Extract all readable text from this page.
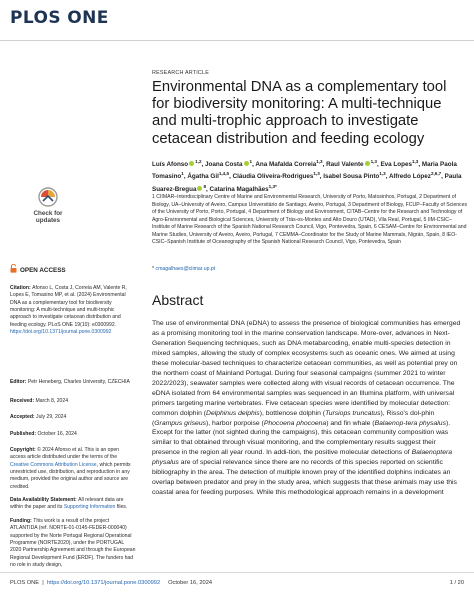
PLOS ONE
RESEARCH ARTICLE
Environmental DNA as a complementary tool for biodiversity monitoring: A multi-technique and multi-trophic approach to investigate cetacean distribution and feeding ecology
Luís Afonso $^{1,2}$, Joana Costa $^1$, Ana Mafalda Correia$^{1,3}$, Raul Valente $^{1,3}$, Eva Lopes$^{1,3}$, Maria Paola Tomasino$^1$, Ágatha Gil$^{1,4,5}$, Cláudia Oliveira-Rodrigues$^{1,3}$, Isabel Sousa Pinto$^{1,3}$, Alfredo López$^{2,6,7}$, Paula Suarez-Bregua $^8$, Catarina Magalhães$^{1,3*}$
1 CIIMAR–Interdisciplinary Centre of Marine and Environmental Research, University of Porto, Matosinhos, Portugal, 2 Department of Biology, UA–University of Aveiro, Campus Universitário de Santiago, Aveiro, Portugal, 3 Department of Biology, FCUP–Faculty of Sciences of the University of Porto, Porto, Portugal, 4 Department of Biology and Environment, CITAB–Centre for the Research and Technology of Agro-Environmental and Biological Sciences, University of Trás-os-Montes and Alto Douro (UTAD), Vila Real, Portugal, 5 IIM-CSIC–Institute of Marine Research of the Spanish National Research Council, Vigo, Pontevedra, Spain, 6 CESAM–Centre for Environmental and Marine Studies, University of Aveiro, Aveiro, Portugal, 7 CEMMA–Coordinator for the Study of Marine Mammals, Nigrán, Spain, 8 IEO-CSIC–Spanish Institute of Oceanography of the Spanish National Research Council, Vigo, Pontevedra, Spain
* cmagalhaes@ciimar.up.pt
Abstract
The use of environmental DNA (eDNA) to assess the presence of biological communities has emerged as a promising monitoring tool in the marine conservation landscape. More-over, advances in Next-Generation Sequencing techniques, such as DNA metabarcoding, enable multi-species detection in mixed samples, allowing the study of complex ecosystems such as oceanic ones. We aimed at using these molecular-based techniques to characterize cetacean communities, as well as potential prey on the northern coast of Mainland Portugal. During four seasonal campaigns (summer 2021 to winter 2022/2023), seawater samples were collected along with visual records of cetacean occurrence. The eDNA isolated from 64 environmental samples was sequenced in an Illumina platform, with universal primers targeting marine vertebrates. Five cetacean species were identified by molecular detection: common dolphin (Delphinus delphis), bottlenose dolphin (Tursiops truncatus), Risso's dol-phin (Grampus griseus), harbor porpoise (Phocoena phocoena) and fin whale (Balaenop-tera physalus). Except for the latter (not sighted during the campaigns), this cetacean community composition was similar to that obtained through visual monitoring, and the complementary results suggest their presence in the region all year round. In addi-tion, the positive molecular detections of Balaenoptera physalus are of special relevance since there are no records of this species reported on scientific bibliography in the area. The detection of multiple known prey of the identified dolphins indicates an overlap between predator and prey in the study area, which suggests that these animals may use this coastal area for feeding purposes. While this methodological approach remains in a development
Check for
updates
OPEN ACCESS
Citation: Afonso L, Costa J, Correia AM, Valente R, Lopes E, Tomasino MP, et al. (2024) Environmental DNA as a complementary tool for biodiversity monitoring: A multi-technique and multi-trophic approach to investigate cetacean distribution and feeding ecology. PLoS ONE 19(10): e0300992. https://doi.org/10.1371/journal.pone.0300992
Editor: Petr Heneberg, Charles University, CZECHIA
Received: March 8, 2024
Accepted: July 29, 2024
Published: October 16, 2024
Copyright: © 2024 Afonso et al. This is an open access article distributed under the terms of the Creative Commons Attribution License, which permits unrestricted use, distribution, and reproduction in any medium, provided the original author and source are credited.
Data Availability Statement: All relevant data are within the paper and its Supporting Information files.
Funding: This work is a result of the project ATLANTIDA (ref. NORTE-01-0145-FEDER-000040) supported by the Norte Portugal Regional Operational Programme (NORTE2020), under the PORTUGAL 2020 Partnership Agreement and through the European Regional Development Fund (ERDF). The funders had no role in study design,
PLOS ONE  |  https://doi.org/10.1371/journal.pone.0300992 October 16, 2024	1 / 20
